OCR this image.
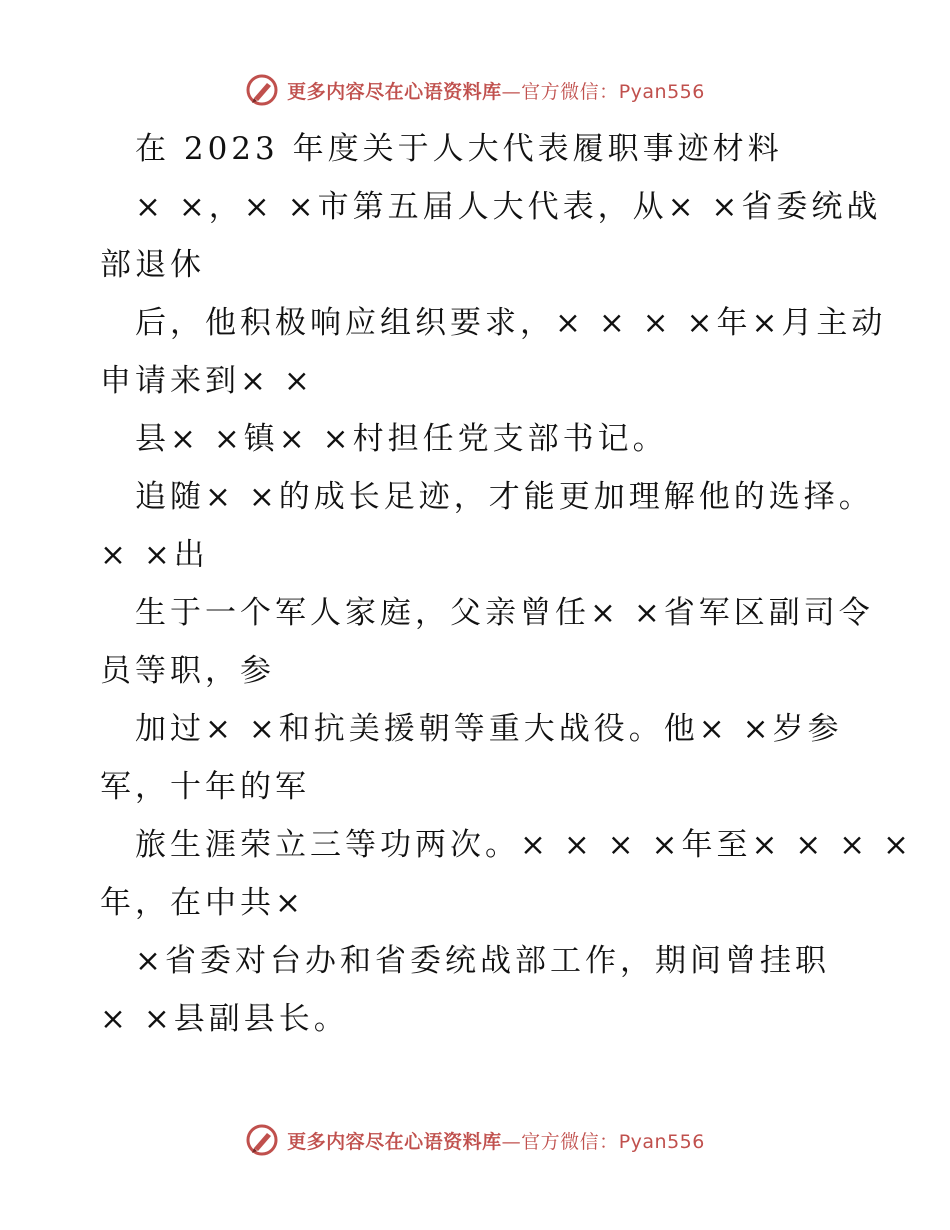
更多内容尽在心语资料库—官方微信：Pyan556
在 2023 年度关于人大代表履职事迹材料
× ×，× ×市第五届人大代表，从× ×省委统战
部退休
后，他积极响应组织要求，× × × ×年×月主动
申请来到× ×
县× ×镇× ×村担任党支部书记。
追随× ×的成长足迹，才能更加理解他的选择。
× ×出
生于一个军人家庭，父亲曾任× ×省军区副司令
员等职，参
加过× ×和抗美援朝等重大战役。他× ×岁参
军，十年的军
旅生涯荣立三等功两次。× × × ×年至× × × ×
年，在中共×
×省委对台办和省委统战部工作，期间曾挂职
× ×县副县长。
更多内容尽在心语资料库—官方微信：Pyan556
